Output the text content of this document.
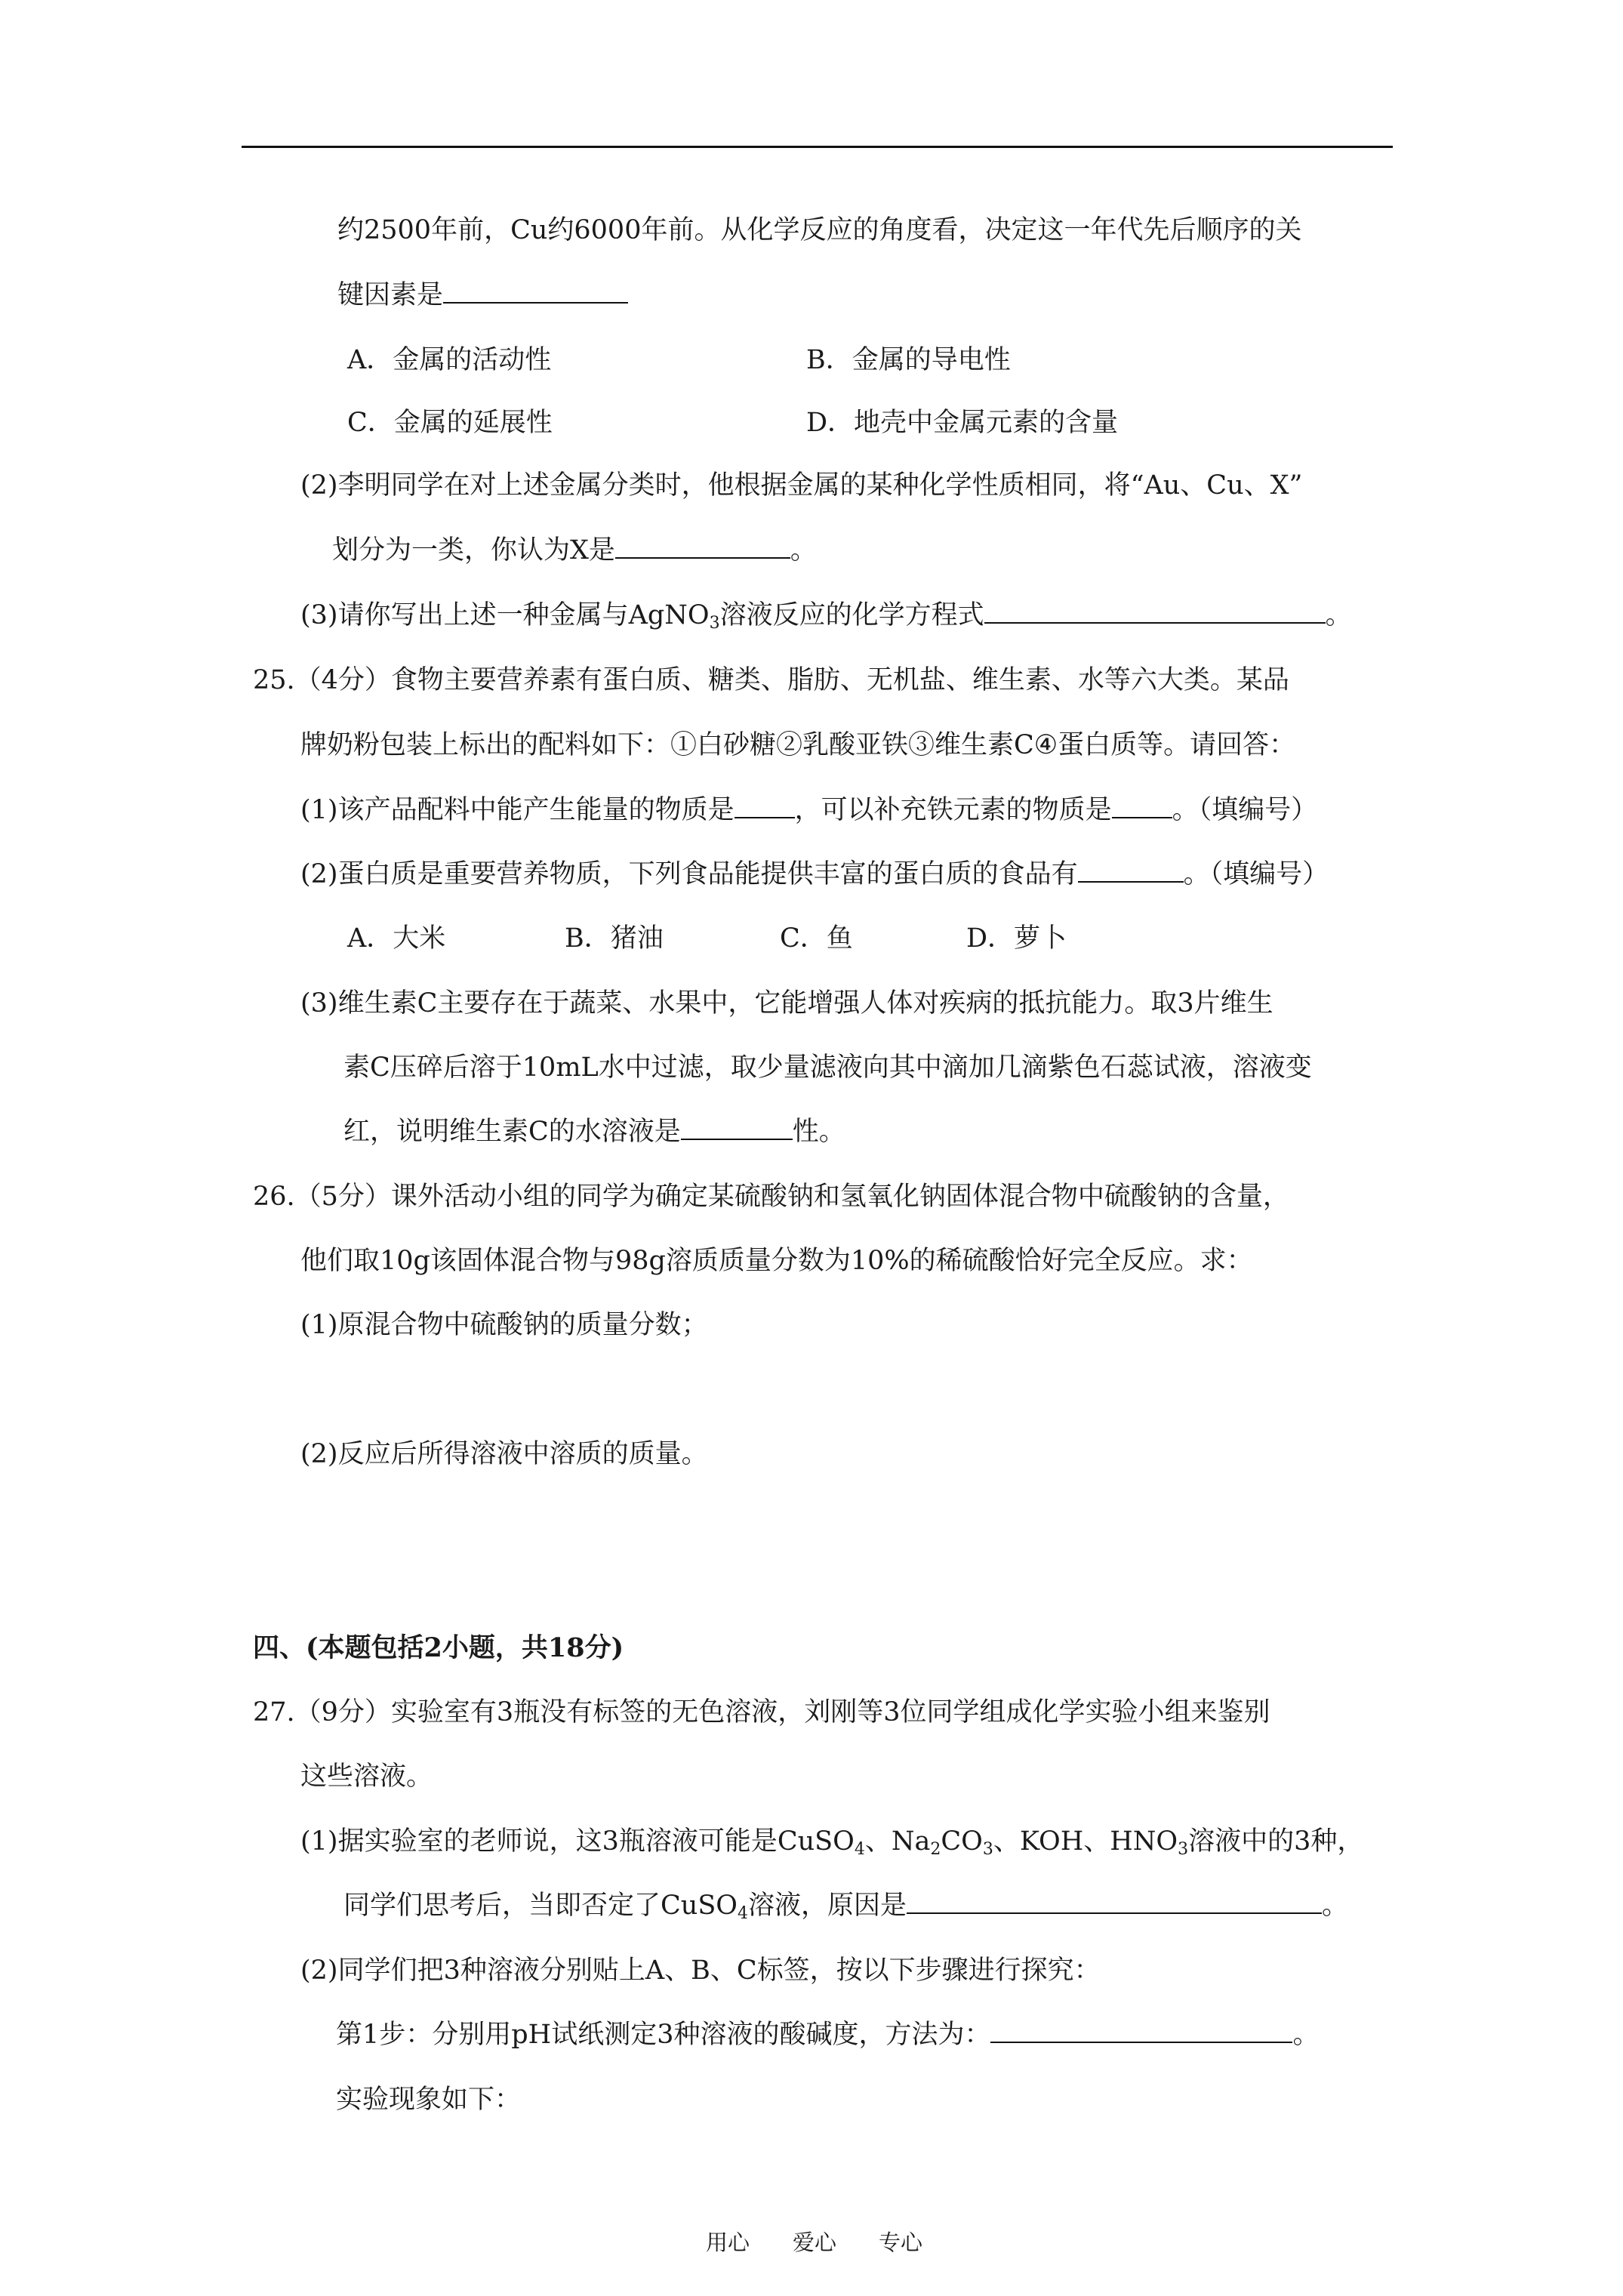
约2500年前，Cu约6000年前。从化学反应的角度看，决定这一年代先后顺序的关
键因素是
A．金属的活动性	B．金属的导电性
C．金属的延展性	D．地壳中金属元素的含量
(2)李明同学在对上述金属分类时，他根据金属的某种化学性质相同，将“Au、Cu、X”
划分为一类，你认为X是	。
(3)请你写出上述一种金属与AgNO$_3$溶液反应的化学方程式	。
25.（4分）食物主要营养素有蛋白质、糖类、脂肪、无机盐、维生素、水等六大类。某品
牌奶粉包装上标出的配料如下：①白砂糖②乳酸亚铁③维生素C④蛋白质等。请回答：
(1)该产品配料中能产生能量的物质是 ，可以补充铁元素的物质是 。（填编号）
(2)蛋白质是重要营养物质，下列食品能提供丰富的蛋白质的食品有	。（填编号）
A．大米	B．猪油	C．鱼	D．萝卜
(3)维生素C主要存在于蔬菜、水果中，它能增强人体对疾病的抵抗能力。取3片维生
素C压碎后溶于10mL水中过滤，取少量滤液向其中滴加几滴紫色石蕊试液，溶液变
红，说明维生素C的水溶液是	性。
26.（5分）课外活动小组的同学为确定某硫酸钠和氢氧化钠固体混合物中硫酸钠的含量，
他们取10g该固体混合物与98g溶质质量分数为10%的稀硫酸恰好完全反应。求：
(1)原混合物中硫酸钠的质量分数；
(2)反应后所得溶液中溶质的质量。
四、(本题包括2小题，共18分)
27.（9分）实验室有3瓶没有标签的无色溶液，刘刚等3位同学组成化学实验小组来鉴别
这些溶液。
(1)据实验室的老师说，这3瓶溶液可能是CuSO$_4$、$Na_2CO_3$、KOH、$HNO_3$溶液中的3种，
同学们思考后，当即否定了CuSO$_4$溶液，原因是	。
(2)同学们把3种溶液分别贴上A、B、C标签，按以下步骤进行探究：
第1步：分别用pH试纸测定3种溶液的酸碱度，方法为：	。
实验现象如下：
用心 爱心 专心
